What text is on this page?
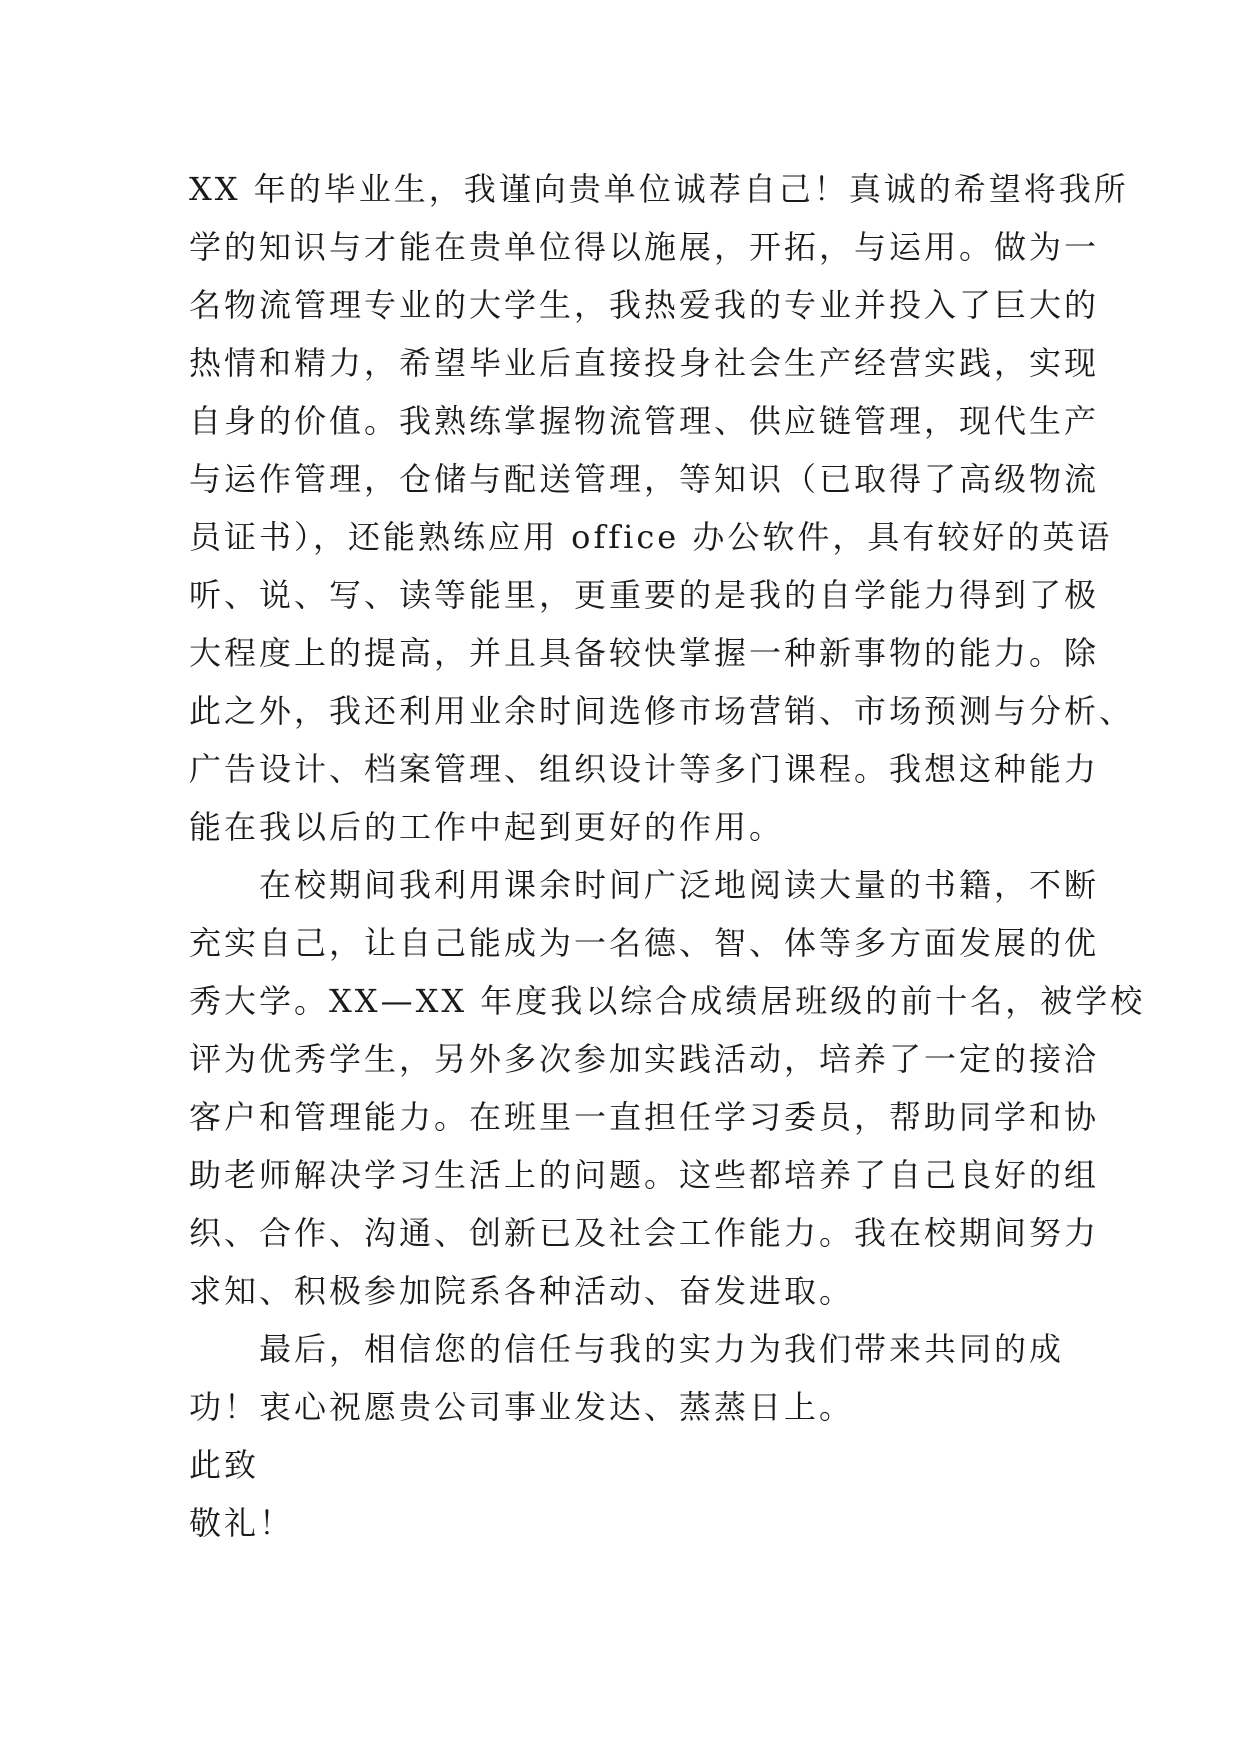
XX 年的毕业生，我谨向贵单位诚荐自己！真诚的希望将我所
学的知识与才能在贵单位得以施展，开拓，与运用。做为一
名物流管理专业的大学生，我热爱我的专业并投入了巨大的
热情和精力，希望毕业后直接投身社会生产经营实践，实现
自身的价值。我熟练掌握物流管理、供应链管理，现代生产
与运作管理，仓储与配送管理，等知识（已取得了高级物流
员证书），还能熟练应用 office 办公软件，具有较好的英语
听、说、写、读等能里，更重要的是我的自学能力得到了极
大程度上的提高，并且具备较快掌握一种新事物的能力。除
此之外，我还利用业余时间选修市场营销、市场预测与分析、
广告设计、档案管理、组织设计等多门课程。我想这种能力
能在我以后的工作中起到更好的作用。
在校期间我利用课余时间广泛地阅读大量的书籍，不断
充实自己，让自己能成为一名德、智、体等多方面发展的优
秀大学。XX—XX 年度我以综合成绩居班级的前十名，被学校
评为优秀学生，另外多次参加实践活动，培养了一定的接洽
客户和管理能力。在班里一直担任学习委员，帮助同学和协
助老师解决学习生活上的问题。这些都培养了自己良好的组
织、合作、沟通、创新已及社会工作能力。我在校期间努力
求知、积极参加院系各种活动、奋发进取。
最后，相信您的信任与我的实力为我们带来共同的成
功！衷心祝愿贵公司事业发达、蒸蒸日上。
此致
敬礼！
